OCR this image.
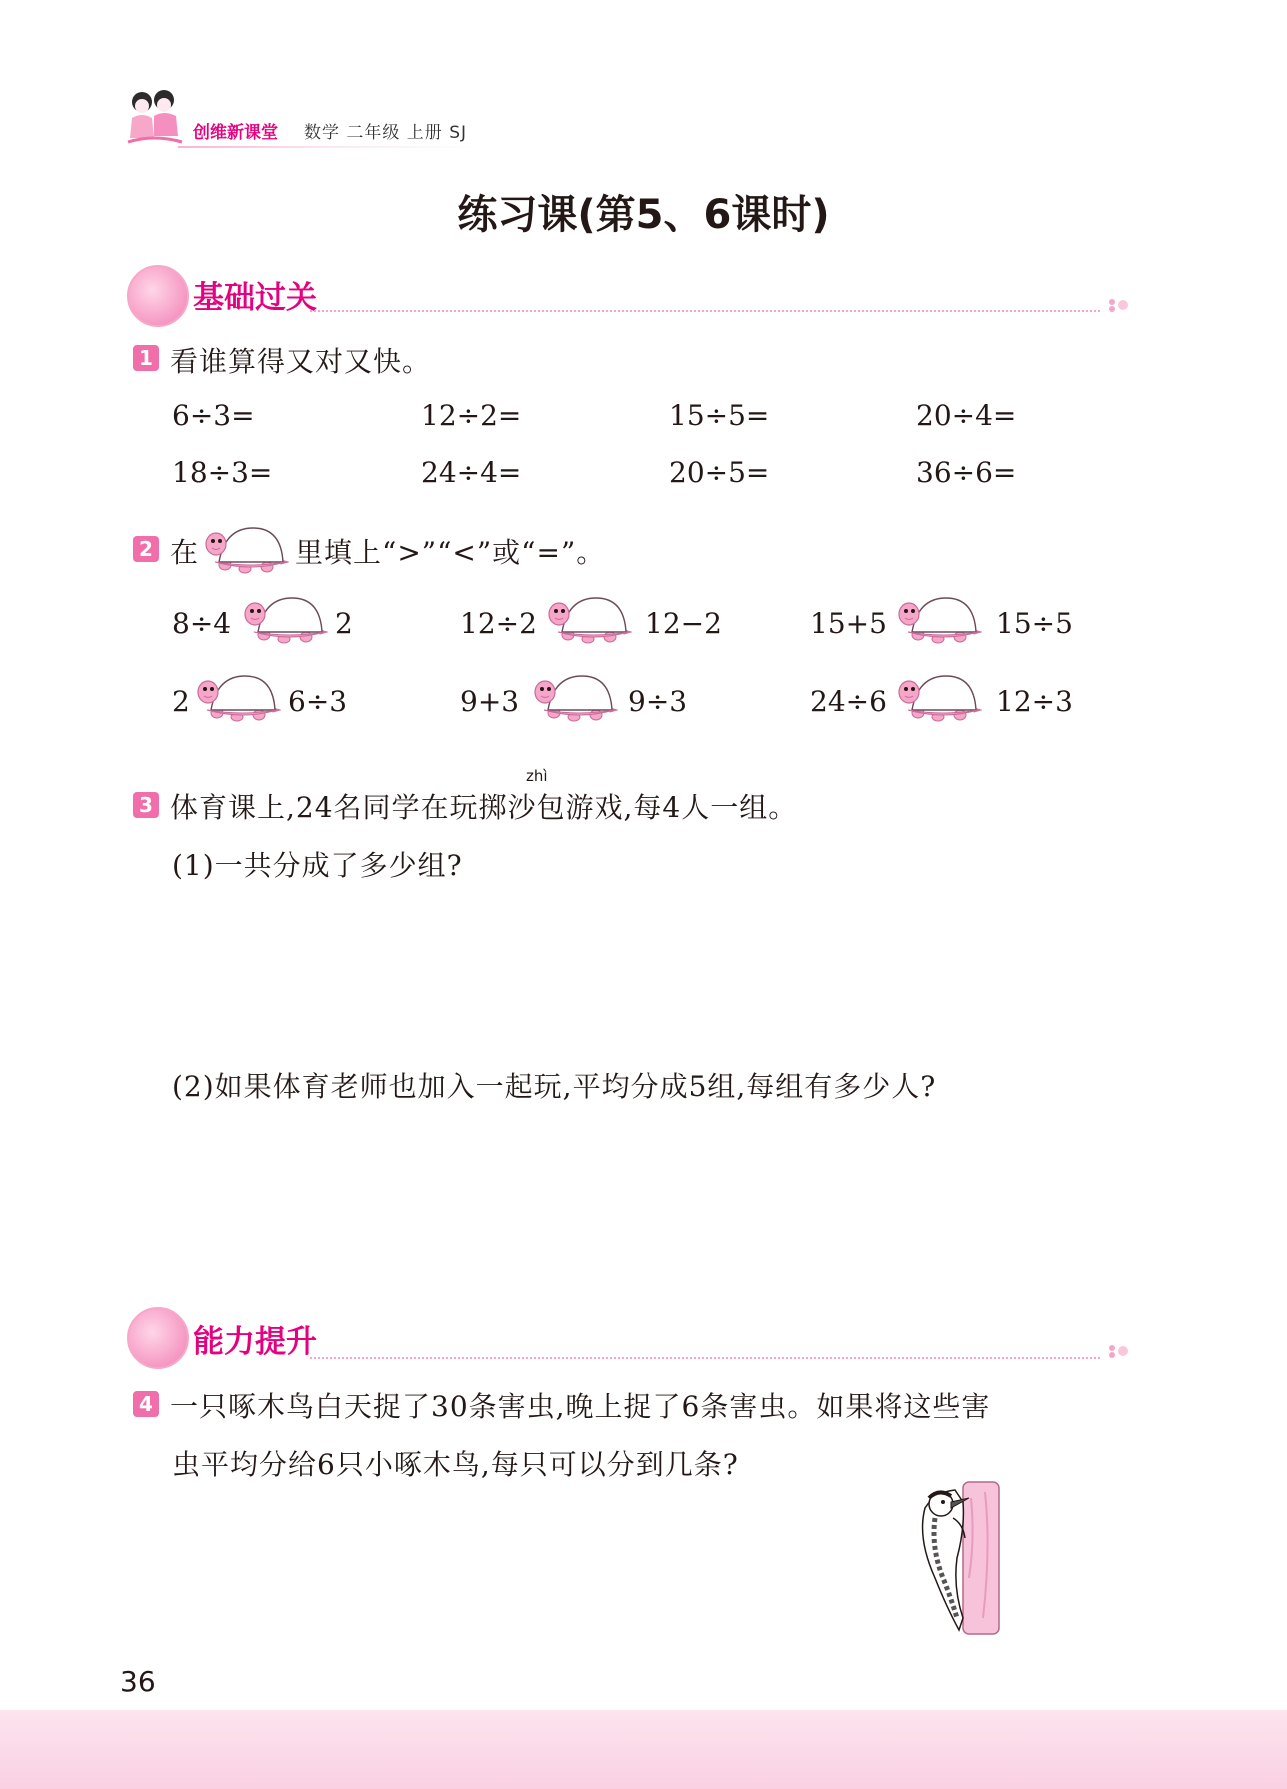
创维新课堂 数学 二年级 上册 SJ
练习课(第5、6课时)
基础过关
1 看谁算得又对又快。
6÷3=	12÷2=	15÷5=	20÷4=
18÷3=	24÷4=	20÷5=	36÷6=
2 在	里填上“>”“<”或“=”。
8÷4	2	12÷2	12−2	15+5	15÷5
2	6÷3	9+3	9÷3	24÷6	12÷3
zhì
3 体育课上,24名同学在玩掷沙包游戏,每4人一组。
(1)一共分成了多少组?
(2)如果体育老师也加入一起玩,平均分成5组,每组有多少人?
能力提升
4 一只啄木鸟白天捉了30条害虫,晚上捉了6条害虫。如果将这些害
虫平均分给6只小啄木鸟,每只可以分到几条?
36
